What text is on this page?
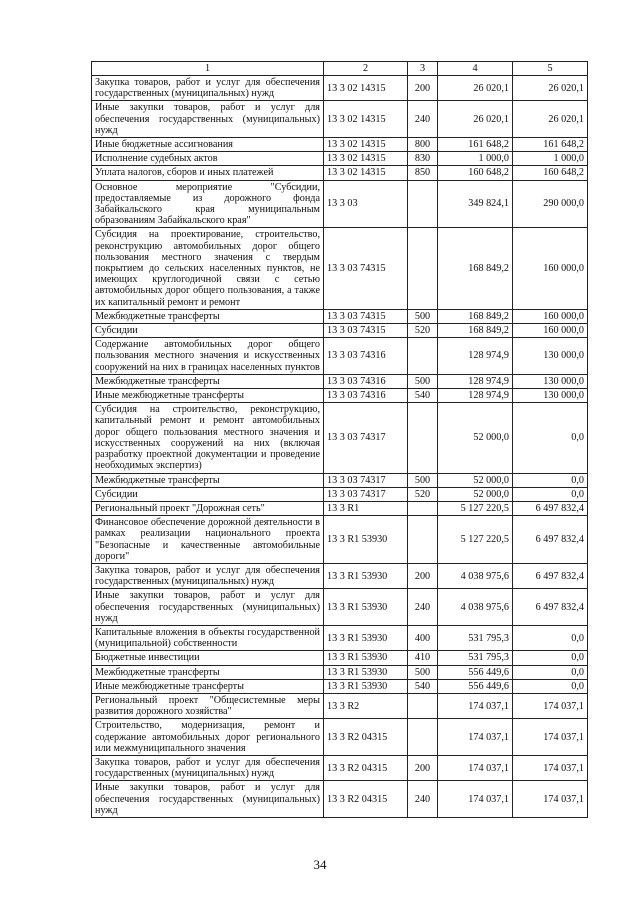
1	2	3	4	5
Закупка товаров, работ и услуг для обеспечения государственных (муниципальных) нужд	13 3 02 14315	200	26 020,1	26 020,1
Иные закупки товаров, работ и услуг для обеспечения государственных (муниципальных) нужд	13 3 02 14315	240	26 020,1	26 020,1
Иные бюджетные ассигнования	13 3 02 14315	800	161 648,2	161 648,2
Исполнение судебных актов	13 3 02 14315	830	1 000,0	1 000,0
Уплата налогов, сборов и иных платежей	13 3 02 14315	850	160 648,2	160 648,2
Основное мероприятие "Субсидии, предоставляемые из дорожного фонда Забайкальского края муниципальным образованиям Забайкальского края"	13 3 03		349 824,1	290 000,0
Субсидия на проектирование, строительство, реконструкцию автомобильных дорог общего пользования местного значения с твердым покрытием до сельских населенных пунктов, не имеющих круглогодичной связи с сетью автомобильных дорог общего пользования, а также их капитальный ремонт и ремонт	13 3 03 74315		168 849,2	160 000,0
Межбюджетные трансферты	13 3 03 74315	500	168 849,2	160 000,0
Субсидии	13 3 03 74315	520	168 849,2	160 000,0
Содержание автомобильных дорог общего пользования местного значения и искусственных сооружений на них в границах населенных пунктов	13 3 03 74316		128 974,9	130 000,0
Межбюджетные трансферты	13 3 03 74316	500	128 974,9	130 000,0
Иные межбюджетные трансферты	13 3 03 74316	540	128 974,9	130 000,0
Субсидия на строительство, реконструкцию, капитальный ремонт и ремонт автомобильных дорог общего пользования местного значения и искусственных сооружений на них (включая разработку проектной документации и проведение необходимых экспертиз)	13 3 03 74317		52 000,0	0,0
Межбюджетные трансферты	13 3 03 74317	500	52 000,0	0,0
Субсидии	13 3 03 74317	520	52 000,0	0,0
Региональный проект "Дорожная сеть"	13 3 R1		5 127 220,5	6 497 832,4
Финансовое обеспечение дорожной деятельности в рамках реализации национального проекта "Безопасные и качественные автомобильные дороги"	13 3 R1 53930		5 127 220,5	6 497 832,4
Закупка товаров, работ и услуг для обеспечения государственных (муниципальных) нужд	13 3 R1 53930	200	4 038 975,6	6 497 832,4
Иные закупки товаров, работ и услуг для обеспечения государственных (муниципальных) нужд	13 3 R1 53930	240	4 038 975,6	6 497 832,4
Капитальные вложения в объекты государственной (муниципальной) собственности	13 3 R1 53930	400	531 795,3	0,0
Бюджетные инвестиции	13 3 R1 53930	410	531 795,3	0,0
Межбюджетные трансферты	13 3 R1 53930	500	556 449,6	0,0
Иные межбюджетные трансферты	13 3 R1 53930	540	556 449,6	0,0
Региональный проект "Общесистемные меры развития дорожного хозяйства"	13 3 R2		174 037,1	174 037,1
Строительство, модернизация, ремонт и содержание автомобильных дорог регионального или межмуниципального значения	13 3 R2 04315		174 037,1	174 037,1
Закупка товаров, работ и услуг для обеспечения государственных (муниципальных) нужд	13 3 R2 04315	200	174 037,1	174 037,1
Иные закупки товаров, работ и услуг для обеспечения государственных (муниципальных) нужд	13 3 R2 04315	240	174 037,1	174 037,1
34
